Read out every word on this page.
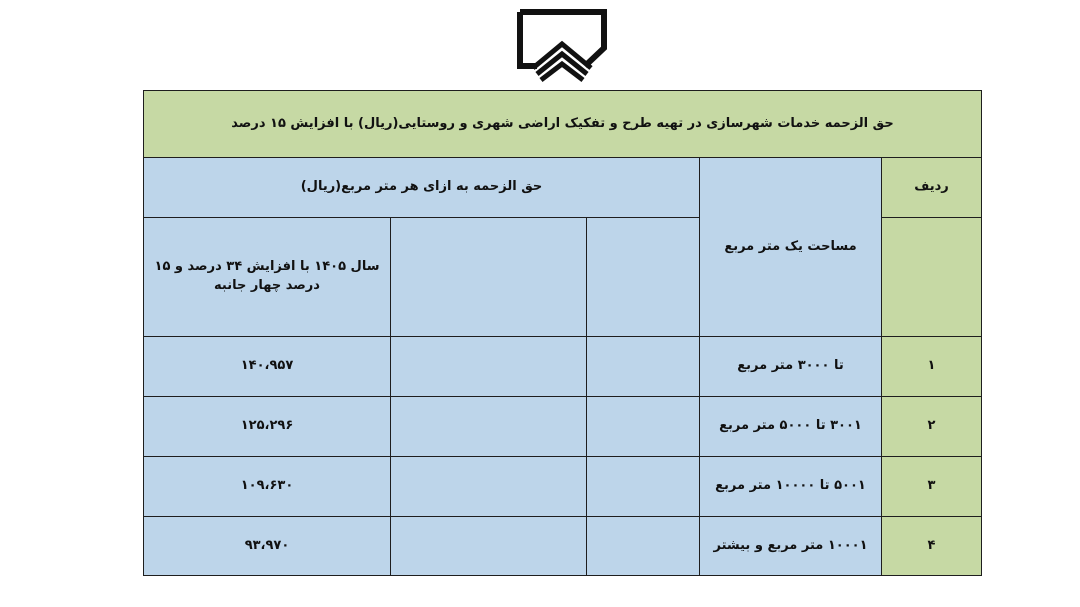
حق الزحمه خدمات شهرسازی در تهیه طرح و تفکیک اراضی شهری و روستایی(ریال) با افزایش ۱۵ درصد				
ردیف	مساحت یک متر مربع	حق الزحمه به ازای هر متر مربع(ریال)		
				سال ۱۴۰۵ با افزایش ۳۴ درصد و ۱۵ درصد چهار جانبه
۱	تا ۳۰۰۰ متر مربع			۱۴۰،۹۵۷
۲	۳۰۰۱ تا ۵۰۰۰ متر مربع			۱۲۵،۲۹۶
۳	۵۰۰۱ تا ۱۰۰۰۰ متر مربع			۱۰۹،۶۳۰
۴	۱۰۰۰۱ متر مربع و بیشتر			۹۳،۹۷۰
